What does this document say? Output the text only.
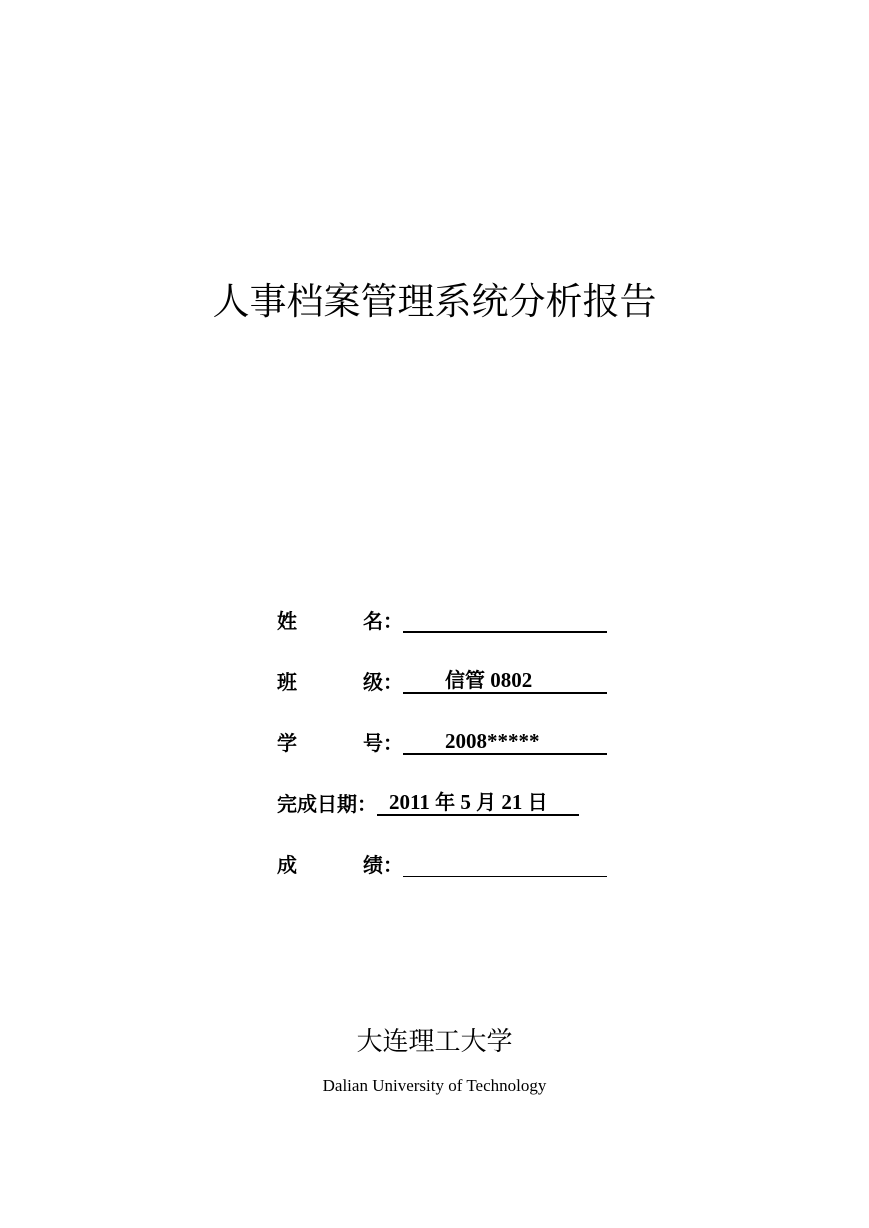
人事档案管理系统分析报告
姓	名 ：
班	级 ：	信管 0802
学	号 ：	2008*****
完成日期 ： 2011 年 5 月 21 日
成	绩 ：
大连理工大学
Dalian University of Technology
